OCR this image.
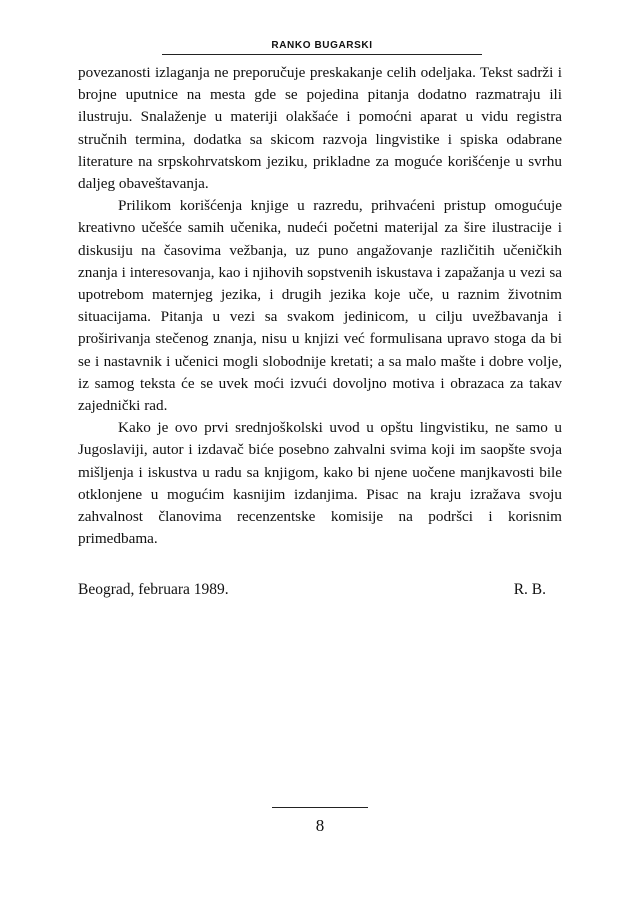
RANKO BUGARSKI

povezanosti izlaganja ne preporučuje preskakanje celih odeljaka. Tekst sadrži i brojne uputnice na mesta gde se pojedina pitanja dodatno razmatraju ili ilustruju. Snalaženje u materiji olakšaće i pomoćni aparat u vidu registra stručnih termina, dodatka sa skicom razvoja lingvistike i spiska odabrane literature na srpskohrvatskom jeziku, prikladne za moguće korišćenje u svrhu daljeg obaveštavanja.

Prilikom korišćenja knjige u razredu, prihvaćeni pristup omogućuje kreativno učešće samih učenika, nudeći početni materijal za šire ilustracije i diskusiju na časovima vežbanja, uz puno angažovanje različitih učeničkih znanja i interesovanja, kao i njihovih sopstvenih iskustava i zapažanja u vezi sa upotrebom maternjeg jezika, i drugih jezika koje uče, u raznim životnim situacijama. Pitanja u vezi sa svakom jedinicom, u cilju uvežbavanja i proširivanja stečenog znanja, nisu u knjizi već formulisana upravo stoga da bi se i nastavnik i učenici mogli slobodnije kretati; a sa malo mašte i dobre volje, iz samog teksta će se uvek moći izvući dovoljno motiva i obrazaca za takav zajednički rad.

Kako je ovo prvi srednjoškolski uvod u opštu lingvistiku, ne samo u Jugoslaviji, autor i izdavač biće posebno zahvalni svima koji im saopšte svoja mišljenja i iskustva u radu sa knjigom, kako bi njene uočene manjkavosti bile otklonjene u mogućim kasnijim izdanjima. Pisac na kraju izražava svoju zahvalnost članovima recenzentske komisije na podršci i korisnim primedbama.

Beograd, februara 1989.	R. B.
8
